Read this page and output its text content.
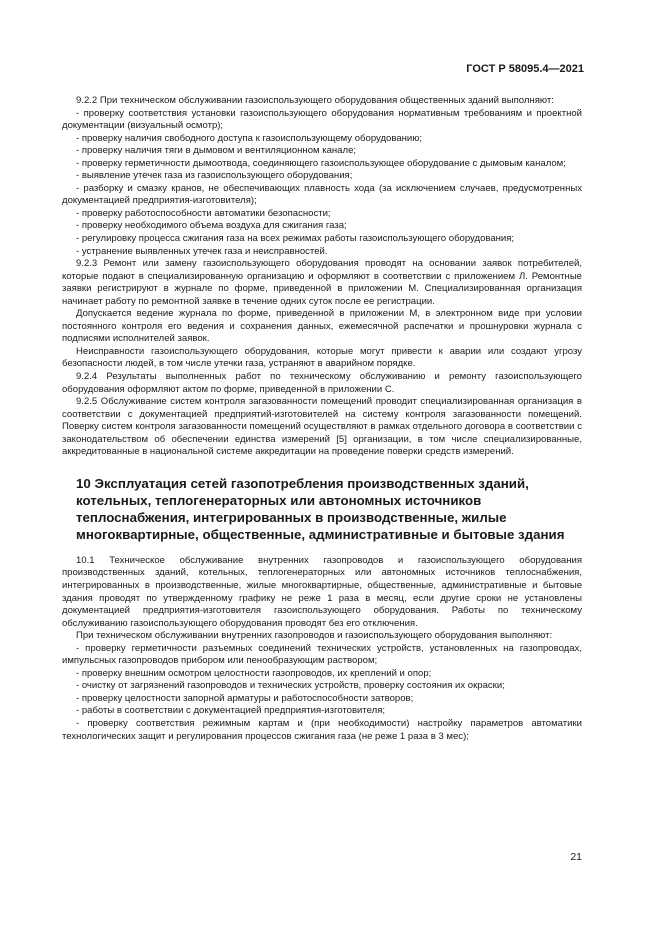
ГОСТ Р 58095.4—2021

9.2.2 При техническом обслуживании газоиспользующего оборудования общественных зданий выполняют:

- проверку соответствия установки газоиспользующего оборудования нормативным требованиям и проектной документации (визуальный осмотр);

- проверку наличия свободного доступа к газоиспользующему оборудованию;

- проверку наличия тяги в дымовом и вентиляционном канале;

- проверку герметичности дымоотвода, соединяющего газоиспользующее оборудование с дымовым каналом;

- выявление утечек газа из газоиспользующего оборудования;

- разборку и смазку кранов, не обеспечивающих плавность хода (за исключением случаев, предусмотренных документацией предприятия-изготовителя);

- проверку работоспособности автоматики безопасности;

- проверку необходимого объема воздуха для сжигания газа;

- регулировку процесса сжигания газа на всех режимах работы газоиспользующего оборудования;

- устранение выявленных утечек газа и неисправностей.

9.2.3 Ремонт или замену газоиспользующего оборудования проводят на основании заявок потребителей, которые подают в специализированную организацию и оформляют в соответствии с приложением Л. Ремонтные заявки регистрируют в журнале по форме, приведенной в приложении М. Специализированная организация начинает работу по ремонтной заявке в течение одних суток после ее регистрации.

Допускается ведение журнала по форме, приведенной в приложении М, в электронном виде при условии постоянного контроля его ведения и сохранения данных, ежемесячной распечатки и прошнуровки журнала с подписями исполнителей заявок.

Неисправности газоиспользующего оборудования, которые могут привести к аварии или создают угрозу безопасности людей, в том числе утечки газа, устраняют в аварийном порядке.

9.2.4 Результаты выполненных работ по техническому обслуживанию и ремонту газоиспользующего оборудования оформляют актом по форме, приведенной в приложении С.

9.2.5 Обслуживание систем контроля загазованности помещений проводит специализированная организация в соответствии с документацией предприятий-изготовителей на систему контроля загазованности помещений. Поверку систем контроля загазованности помещений осуществляют в рамках отдельного договора в соответствии с законодательством об обеспечении единства измерений [5] организации, в том числе специализированные, аккредитованные в национальной системе аккредитации на проведение поверки средств измерений.

10 Эксплуатация сетей газопотребления производственных зданий, котельных, теплогенераторных или автономных источников теплоснабжения, интегрированных в производственные, жилые многоквартирные, общественные, административные и бытовые здания

10.1 Техническое обслуживание внутренних газопроводов и газоиспользующего оборудования производственных зданий, котельных, теплогенераторных или автономных источников теплоснабжения, интегрированных в производственные, жилые многоквартирные, общественные, административные и бытовые здания проводят по утвержденному графику не реже 1 раза в месяц, если другие сроки не установлены документацией предприятия-изготовителя газоиспользующего оборудования. Работы по техническому обслуживанию газоиспользующего оборудования проводят без его отключения.

При техническом обслуживании внутренних газопроводов и газоиспользующего оборудования выполняют:

- проверку герметичности разъемных соединений технических устройств, установленных на газопроводах, импульсных газопроводов прибором или пенообразующим раствором;

- проверку внешним осмотром целостности газопроводов, их креплений и опор;

- очистку от загрязнений газопроводов и технических устройств, проверку состояния их окраски;

- проверку целостности запорной арматуры и работоспособности затворов;

- работы в соответствии с документацией предприятия-изготовителя;

- проверку соответствия режимным картам и (при необходимости) настройку параметров автоматики технологических защит и регулирования процессов сжигания газа (не реже 1 раза в 3 мес);

21
